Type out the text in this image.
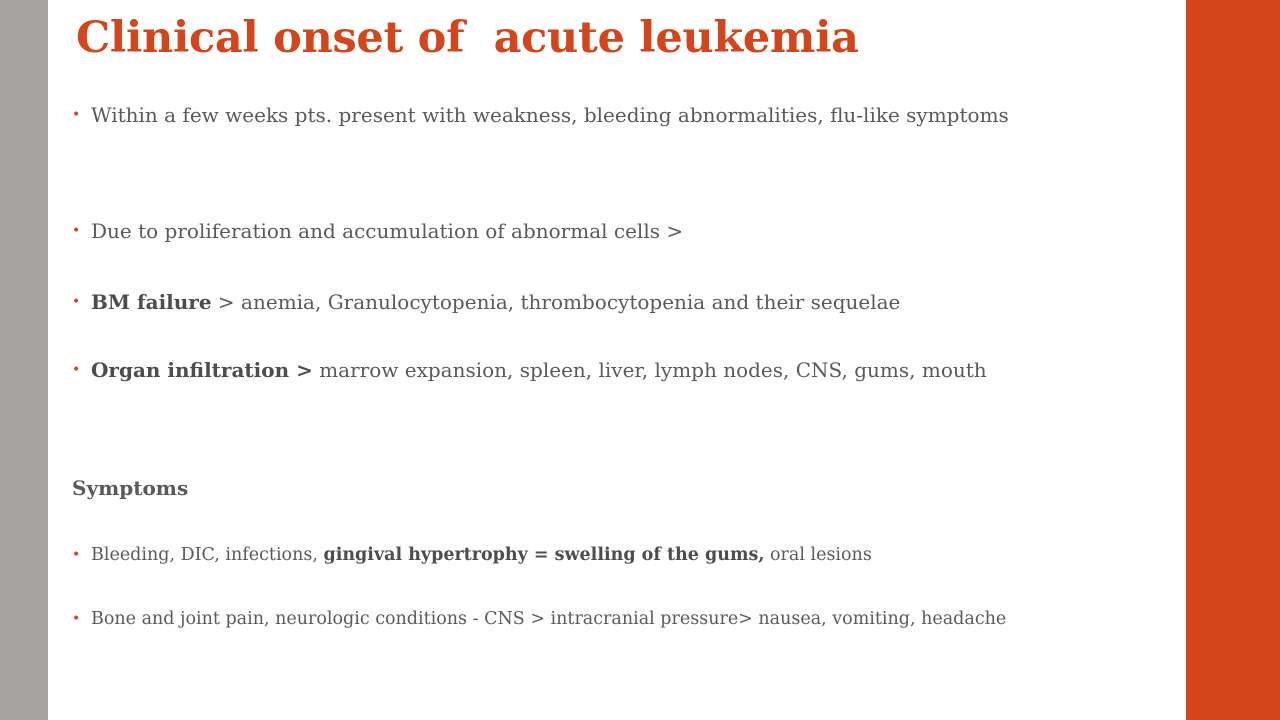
Clinical onset of  acute leukemia
• Within a few weeks pts. present with weakness, bleeding abnormalities, flu-like symptoms
• Due to proliferation and accumulation of abnormal cells >
• BM failure > anemia, Granulocytopenia, thrombocytopenia and their sequelae
• Organ infiltration > marrow expansion, spleen, liver, lymph nodes, CNS, gums, mouth
Symptoms
• Bleeding, DIC, infections, gingival hypertrophy = swelling of the gums, oral lesions
• Bone and joint pain, neurologic conditions - CNS > intracranial pressure> nausea, vomiting, headache
